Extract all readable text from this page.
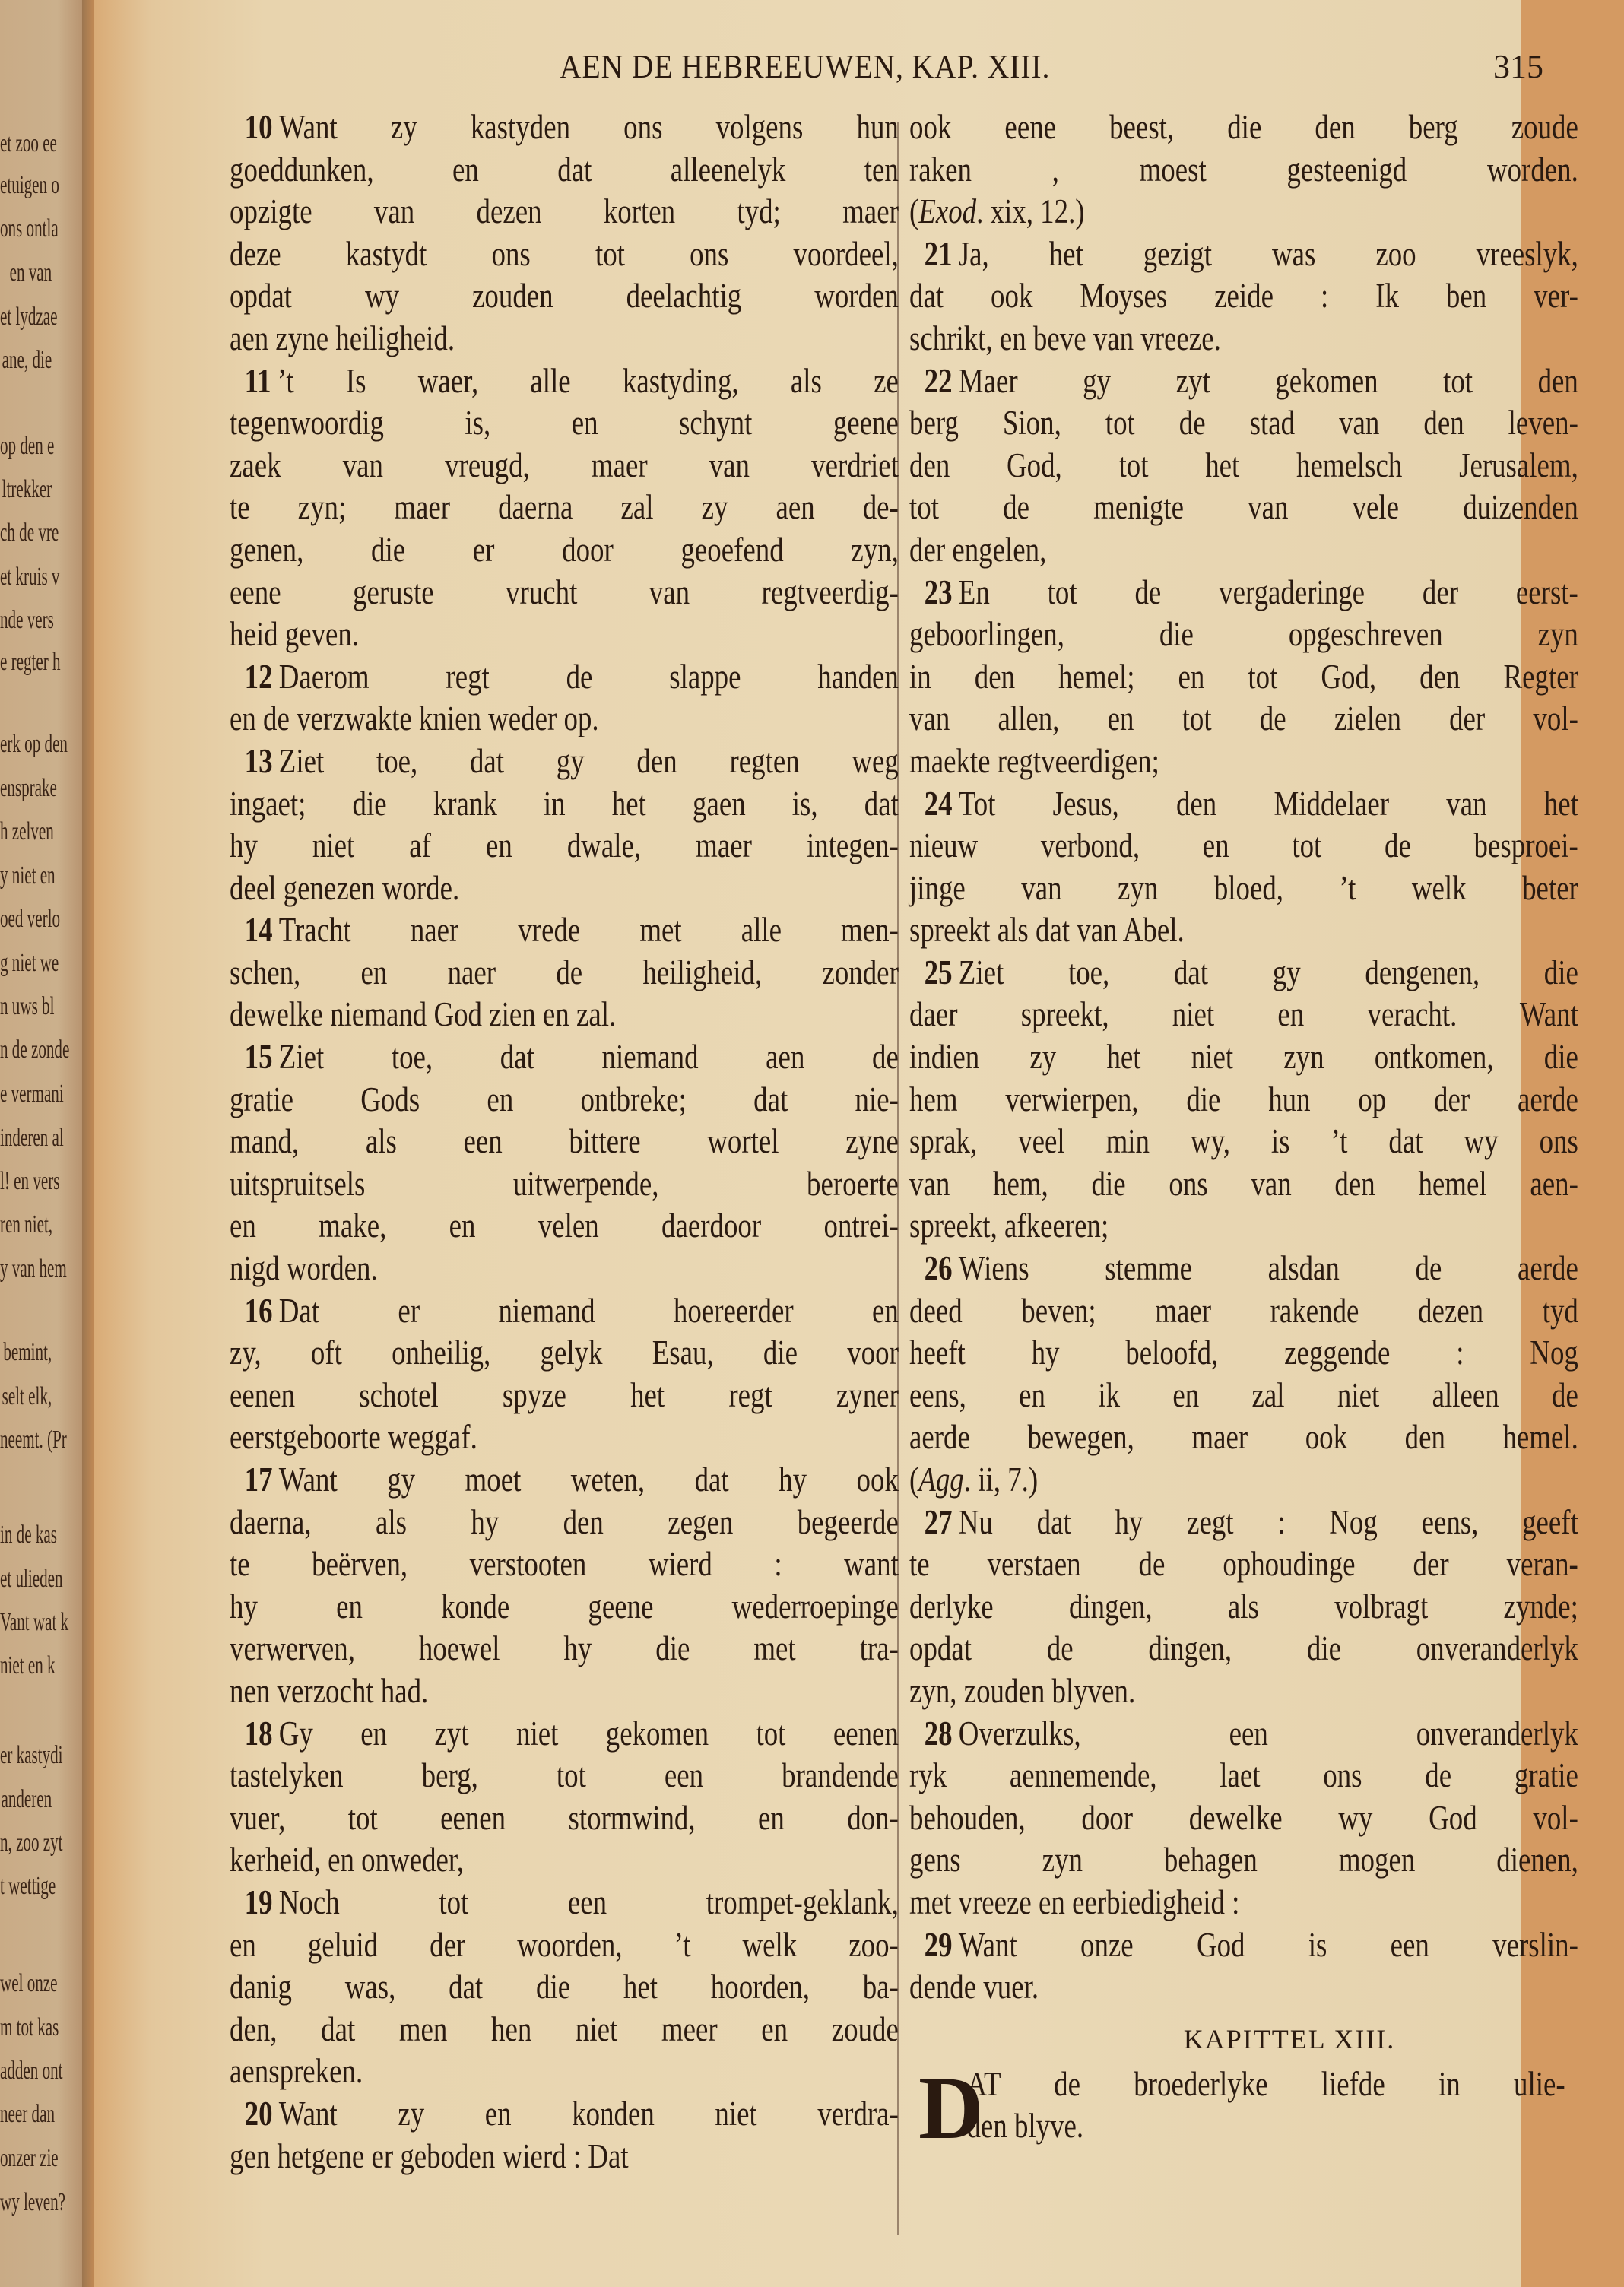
et zoo ee
etuigen o
ons ontla
en van
et lydzae
ane, die
op den e
ltrekker
ch de vre
et kruis v
nde vers
e regter h
erk op den
ensprake
h zelven
y niet en
oed verlo
g niet we
n uws bl
n de zonde
e vermani
inderen al
l! en vers
ren niet,
y van hem
bemint,
selt elk,
neemt. (Pr
in de kas
et ulieden
Vant wat k
niet en k
er kastydi
anderen
n, zoo zyt
t wettige
wel onze
m tot kas
adden ont
neer dan
onzer zie
wy leven?
AEN DE HEBREEUWEN, KAP. XIII.	315
10 Want zy kastyden ons volgens hun
goeddunken, en dat alleenelyk ten
opzigte van dezen korten tyd; maer
deze kastydt ons tot ons voordeel,
opdat wy zouden deelachtig worden
aen zyne heiligheid.
11 ’t Is waer, alle kastyding, als ze
tegenwoordig is, en schynt geene
zaek van vreugd, maer van verdriet
te zyn; maer daerna zal zy aen de-
genen, die er door geoefend zyn,
eene geruste vrucht van regtveerdig-
heid geven.
12 Daerom regt de slappe handen
en de verzwakte knien weder op.
13 Ziet toe, dat gy den regten weg
ingaet; die krank in het gaen is, dat
hy niet af en dwale, maer integen-
deel genezen worde.
14 Tracht naer vrede met alle men-
schen, en naer de heiligheid, zonder
dewelke niemand God zien en zal.
15 Ziet toe, dat niemand aen de
gratie Gods en ontbreke; dat nie-
mand, als een bittere wortel zyne
uitspruitsels uitwerpende, beroerte
en make, en velen daerdoor ontrei-
nigd worden.
16 Dat er niemand hoereerder en
zy, oft onheilig, gelyk Esau, die voor
eenen schotel spyze het regt zyner
eerstgeboorte weggaf.
17 Want gy moet weten, dat hy ook
daerna, als hy den zegen begeerde
te beërven, verstooten wierd : want
hy en konde geene wederroepinge
verwerven, hoewel hy die met tra-
nen verzocht had.
18 Gy en zyt niet gekomen tot eenen
tastelyken berg, tot een brandende
vuer, tot eenen stormwind, en don-
kerheid, en onweder,
19 Noch tot een trompet-geklank,
en geluid der woorden, ’t welk zoo-
danig was, dat die het hoorden, ba-
den, dat men hen niet meer en zoude
aenspreken.
20 Want zy en konden niet verdra-
gen hetgene er geboden wierd : Dat
ook eene beest, die den berg zoude
raken , moest gesteenigd worden.
(Exod. xix, 12.)
21 Ja, het gezigt was zoo vreeslyk,
dat ook Moyses zeide : Ik ben ver-
schrikt, en beve van vreeze.
22 Maer gy zyt gekomen tot den
berg Sion, tot de stad van den leven-
den God, tot het hemelsch Jerusalem,
tot de menigte van vele duizenden
der engelen,
23 En tot de vergaderinge der eerst-
geboorlingen, die opgeschreven zyn
in den hemel; en tot God, den Regter
van allen, en tot de zielen der vol-
maekte regtveerdigen;
24 Tot Jesus, den Middelaer van het
nieuw verbond, en tot de besproei-
jinge van zyn bloed, ’t welk beter
spreekt als dat van Abel.
25 Ziet toe, dat gy dengenen, die
daer spreekt, niet en veracht. Want
indien zy het niet zyn ontkomen, die
hem verwierpen, die hun op der aerde
sprak, veel min wy, is ’t dat wy ons
van hem, die ons van den hemel aen-
spreekt, afkeeren;
26 Wiens stemme alsdan de aerde
deed beven; maer rakende dezen tyd
heeft hy beloofd, zeggende : Nog
eens, en ik en zal niet alleen de
aerde bewegen, maer ook den hemel.
(Agg. ii, 7.)
27 Nu dat hy zegt : Nog eens, geeft
te verstaen de ophoudinge der veran-
derlyke dingen, als volbragt zynde;
opdat de dingen, die onveranderlyk
zyn, zouden blyven.
28 Overzulks, een onveranderlyk
ryk aennemende, laet ons de gratie
behouden, door dewelke wy God vol-
gens zyn behagen mogen dienen,
met vreeze en eerbiedigheid :
29 Want onze God is een verslin-
dende vuer.
KAPITTEL XIII.
D
AT de broederlyke liefde in ulie-
den blyve.
